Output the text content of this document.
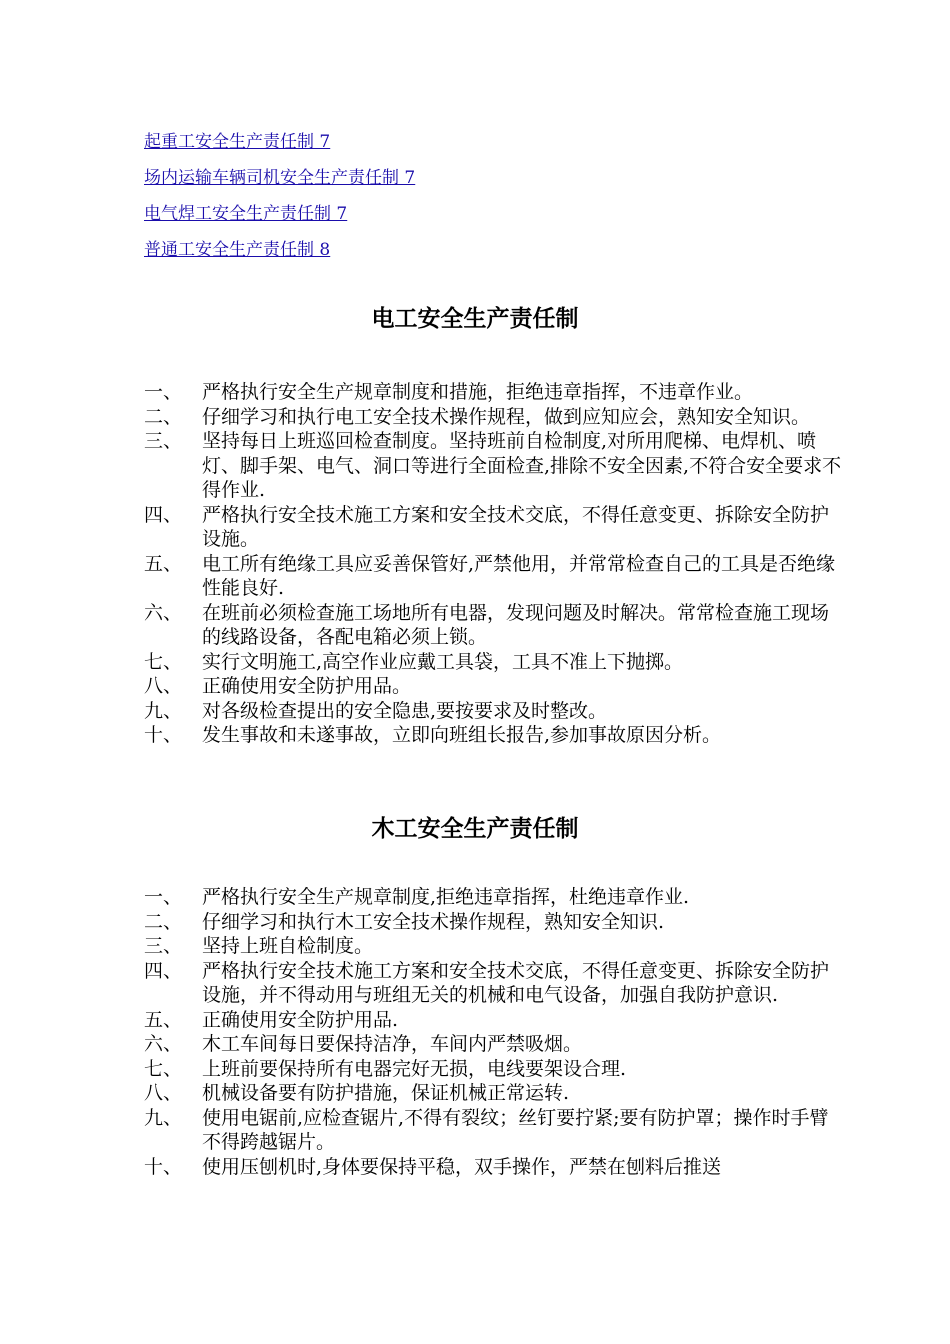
起重工安全生产责任制 7
场内运输车辆司机安全生产责任制 7
电气焊工安全生产责任制 7
普通工安全生产责任制 8
电工安全生产责任制
一、	严格执行安全生产规章制度和措施，拒绝违章指挥，不违章作业。
二、	仔细学习和执行电工安全技术操作规程，做到应知应会，熟知安全知识。
三、	坚持每日上班巡回检查制度。坚持班前自检制度,对所用爬梯、电焊机、喷灯、脚手架、电气、洞口等进行全面检查,排除不安全因素,不符合安全要求不得作业.
四、	严格执行安全技术施工方案和安全技术交底，不得任意变更、拆除安全防护设施。
五、	电工所有绝缘工具应妥善保管好,严禁他用，并常常检查自己的工具是否绝缘性能良好.
六、	在班前必须检查施工场地所有电器，发现问题及时解决。常常检查施工现场的线路设备，各配电箱必须上锁。
七、	实行文明施工,高空作业应戴工具袋，工具不准上下抛掷。
八、	正确使用安全防护用品。
九、	对各级检查提出的安全隐患,要按要求及时整改。
十、	发生事故和未遂事故，立即向班组长报告,参加事故原因分析。
木工安全生产责任制
一、	严格执行安全生产规章制度,拒绝违章指挥，杜绝违章作业.
二、	仔细学习和执行木工安全技术操作规程，熟知安全知识.
三、	坚持上班自检制度。
四、	严格执行安全技术施工方案和安全技术交底，不得任意变更、拆除安全防护设施，并不得动用与班组无关的机械和电气设备，加强自我防护意识.
五、	正确使用安全防护用品.
六、	木工车间每日要保持洁净，车间内严禁吸烟。
七、	上班前要保持所有电器完好无损，电线要架设合理.
八、	机械设备要有防护措施，保证机械正常运转.
九、	使用电锯前,应检查锯片,不得有裂纹；丝钉要拧紧;要有防护罩；操作时手臂不得跨越锯片。
十、	使用压刨机时,身体要保持平稳，双手操作，严禁在刨料后推送
